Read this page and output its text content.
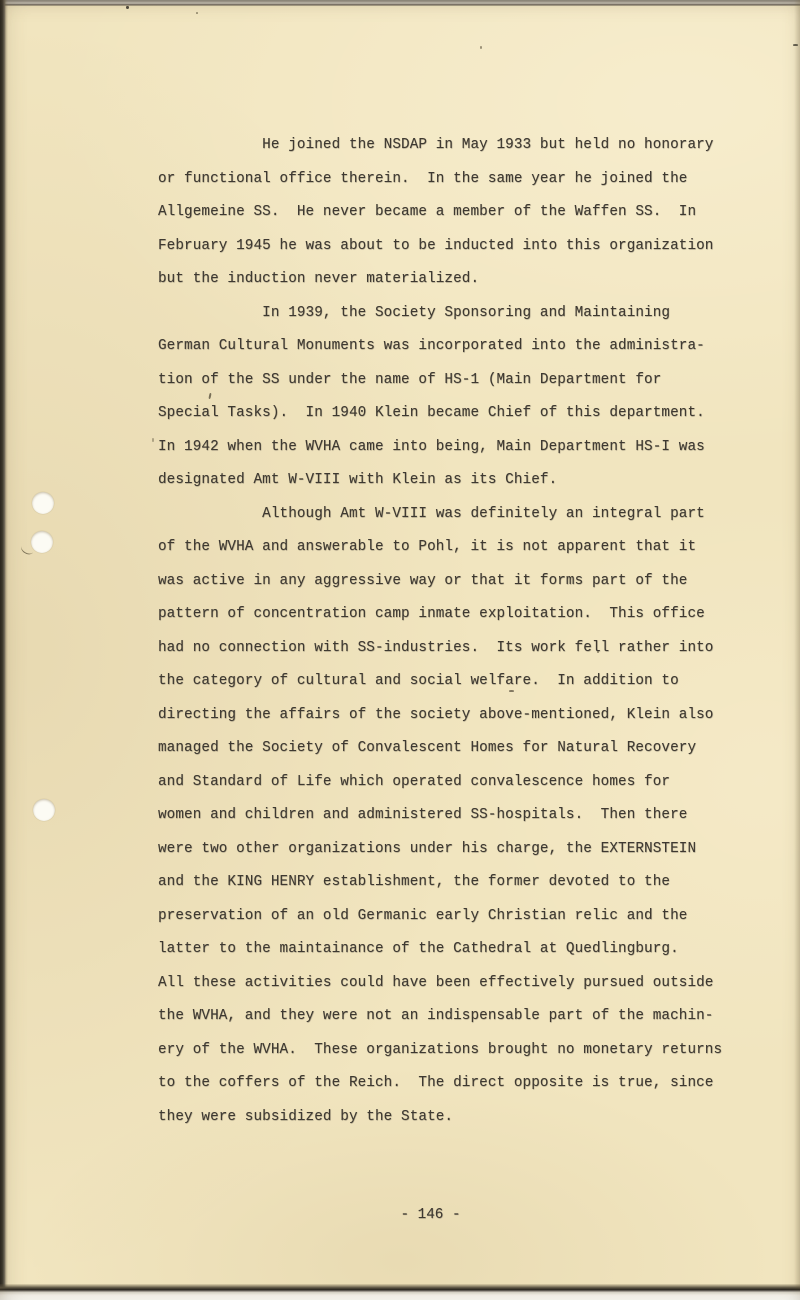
He joined the NSDAP in May 1933 but held no honorary
or functional office therein.  In the same year he joined the
Allgemeine SS.  He never became a member of the Waffen SS.  In
February 1945 he was about to be inducted into this organization
but the induction never materialized.
In 1939, the Society Sponsoring and Maintaining
German Cultural Monuments was incorporated into the administra-
tion of the SS under the name of HS-1 (Main Department for
Special Tasks).  In 1940 Klein became Chief of this department.
In 1942 when the WVHA came into being, Main Department HS-I was
designated Amt W-VIII with Klein as its Chief.
Although Amt W-VIII was definitely an integral part
of the WVHA and answerable to Pohl, it is not apparent that it
was active in any aggressive way or that it forms part of the
pattern of concentration camp inmate exploitation.  This office
had no connection with SS-industries.  Its work fell rather into
the category of cultural and social welfare.  In addition to
directing the affairs of the society above-mentioned, Klein also
managed the Society of Convalescent Homes for Natural Recovery
and Standard of Life which operated convalescence homes for
women and children and administered SS-hospitals.  Then there
were two other organizations under his charge, the EXTERNSTEIN
and the KING HENRY establishment, the former devoted to the
preservation of an old Germanic early Christian relic and the
latter to the maintainance of the Cathedral at Quedlingburg.
All these activities could have been effectively pursued outside
the WVHA, and they were not an indispensable part of the machin-
ery of the WVHA.  These organizations brought no monetary returns
to the coffers of the Reich.  The direct opposite is true, since
they were subsidized by the State.
- 146 -
